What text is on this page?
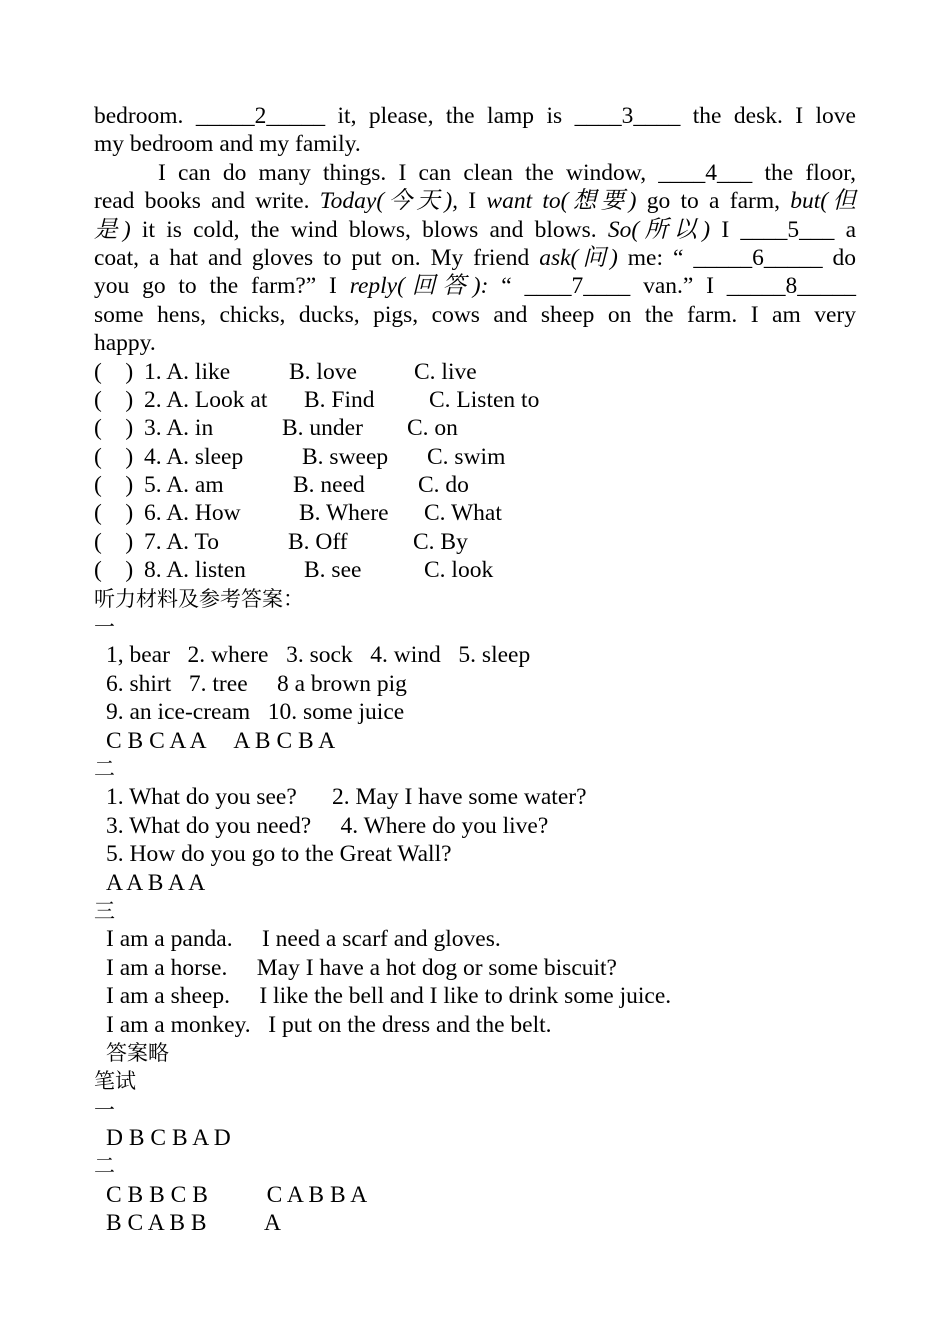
bedroom. _____2_____ it, please, the lamp is ____3____ the desk. I love
my bedroom and my family.
I can do many things. I can clean the window, ____4___ the floor,
read books and write. Today(今天), I want to(想要) go to a farm, but(但
是) it is cold, the wind blows, blows and blows. So(所以) I ____5___ a
coat, a hat and gloves to put on. My friend ask(问) me: “ _____6_____ do
you go to the farm?” I reply(回答): “ ____7____ van.” I _____8_____
some hens, chicks, ducks, pigs, cows and sheep on the farm. I am very
happy.
(    ) 1. A. like	B. love	C. live
(    ) 2. A. Look at	B. Find	C. Listen to
(    ) 3. A. in	B. under	C. on
(    ) 4. A. sleep	B. sweep	C. swim
(    ) 5. A. am	B. need	C. do
(    ) 6. A. How	B. Where	C. What
(    ) 7. A. To	B. Off	C. By
(    ) 8. A. listen	B. see	C. look
听力材料及参考答案：
一
1, bear   2. where   3. sock   4. wind   5. sleep
6. shirt   7. tree     8 a brown pig
9. an ice-cream   10. some juice
C B C A A     A B C B A
二
1. What do you see?      2. May I have some water?
3. What do you need?     4. Where do you live?
5. How do you go to the Great Wall?
A A B A A
三
I am a panda.     I need a scarf and gloves.
I am a horse.     May I have a hot dog or some biscuit?
I am a sheep.     I like the bell and I like to drink some juice.
I am a monkey.   I put on the dress and the belt.
答案略
笔试
一
D B C B A D
二
C B B C B          C A B B A
B C A B B          A
